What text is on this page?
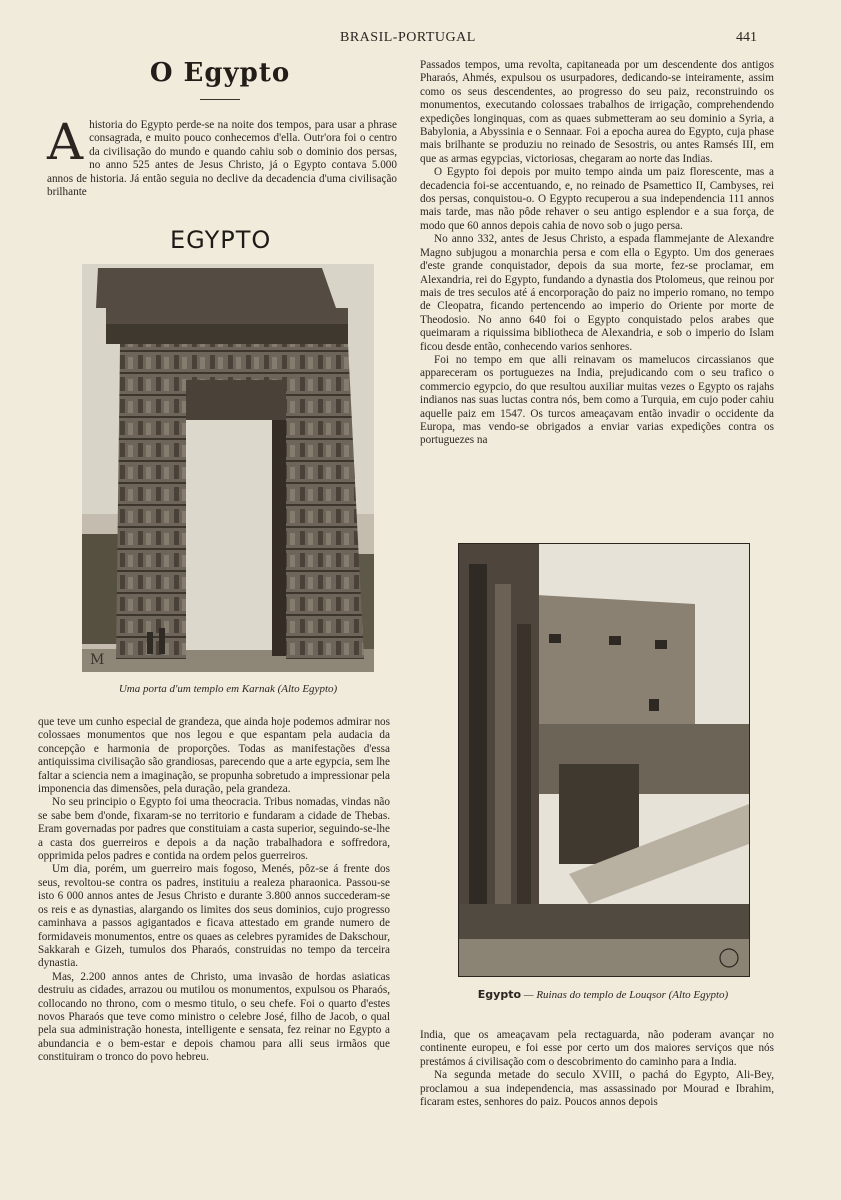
BRASIL-PORTUGAL	441
O Egypto
A historia do Egypto perde-se na noite dos tempos, para usar a phrase consagrada, e muito pouco conhecemos d'ella. Outr'ora foi o centro da civilisação do mundo e quando cahiu sob o dominio dos persas, no anno 525 antes de Jesus Christo, já o Egypto contava 5.000 annos de historia. Já então seguia no declive da decadencia d'uma civilisação brilhante

EGYPTO
M
Uma porta d'um templo em Karnak (Alto Egypto)

que teve um cunho especial de grandeza, que ainda hoje podemos admirar nos colossaes monumentos que nos legou e que espantam pela audacia da concepção e harmonia de proporções. Todas as manifestações d'essa antiquissima civilisação são grandiosas, parecendo que a arte egypcia, sem lhe faltar a sciencia nem a imaginação, se propunha sobretudo a impressionar pela imponencia das dimensões, pela duração, pela grandeza.

No seu principio o Egypto foi uma theocracia. Tribus nomadas, vindas não se sabe bem d'onde, fixaram-se no territorio e fundaram a cidade de Thebas. Eram governadas por padres que constituiam a casta superior, seguindo-se-lhe a casta dos guerreiros e depois a da nação trabalhadora e soffredora, opprimida pelos padres e contida na ordem pelos guerreiros.

Um dia, porém, um guerreiro mais fogoso, Menés, pôz-se á frente dos seus, revoltou-se contra os padres, instituiu a realeza pharaonica. Passou-se isto 6 000 annos antes de Jesus Christo e durante 3.800 annos succederam-se os reis e as dynastias, alargando os limites dos seus dominios, cujo progresso caminhava a passos agigantados e ficava attestado em grande numero de formidaveis monumentos, entre os quaes as celebres pyramides de Dakschour, Sakkarah e Gizeh, tumulos dos Pharaós, construidas no tempo da terceira dynastia.

Mas, 2.200 annos antes de Christo, uma invasão de hordas asiaticas destruiu as cidades, arrazou ou mutilou os monumentos, expulsou os Pharaós, collocando no throno, com o mesmo titulo, o seu chefe. Foi o quarto d'estes novos Pharaós que teve como ministro o celebre José, filho de Jacob, o qual pela sua administração honesta, intelligente e sensata, fez reinar no Egypto a abundancia e o bem-estar e depois chamou para alli seus irmãos que constituiram o tronco do povo hebreu.

Passados tempos, uma revolta, capitaneada por um descendente dos antigos Pharaós, Ahmés, expulsou os usurpadores, dedicando-se inteiramente, assim como os seus descendentes, ao progresso do seu paiz, reconstruindo os monumentos, executando colossaes trabalhos de irrigação, comprehendendo expedições longinquas, com as quaes submetteram ao seu dominio a Syria, a Babylonia, a Abyssinia e o Sennaar. Foi a epocha aurea do Egypto, cuja phase mais brilhante se produziu no reinado de Sesostris, ou antes Ramsés III, em que as armas egypcias, victoriosas, chegaram ao norte das Indias.

O Egypto foi depois por muito tempo ainda um paiz florescente, mas a decadencia foi-se accentuando, e, no reinado de Psamettico II, Cambyses, rei dos persas, conquistou-o. O Egypto recuperou a sua independencia 111 annos mais tarde, mas não pôde rehaver o seu antigo esplendor e a sua força, de modo que 60 annos depois cahia de novo sob o jugo persa.

No anno 332, antes de Jesus Christo, a espada flammejante de Alexandre Magno subjugou a monarchia persa e com ella o Egypto. Um dos generaes d'este grande conquistador, depois da sua morte, fez-se proclamar, em Alexandria, rei do Egypto, fundando a dynastia dos Ptolomeus, que reinou por mais de tres seculos até á encorporação do paiz no imperio romano, no tempo de Cleopatra, ficando pertencendo ao imperio do Oriente por morte de Theodosio. No anno 640 foi o Egypto conquistado pelos arabes que queimaram a riquissima bibliotheca de Alexandria, e sob o imperio do Islam ficou desde então, conhecendo varios senhores.

Foi no tempo em que alli reinavam os mamelucos circassianos que appareceram os portuguezes na India, prejudicando com o seu trafico o commercio egypcio, do que resultou auxiliar muitas vezes o Egypto os rajahs indianos nas suas luctas contra nós, bem como a Turquia, em cujo poder cahiu aquelle paiz em 1547. Os turcos ameaçavam então invadir o occidente da Europa, mas vendo-se obrigados a enviar varias expedições contra os portuguezes na

Egypto — Ruinas do templo de Louqsor (Alto Egypto)

India, que os ameaçavam pela rectaguarda, não poderam avançar no continente europeu, e foi esse por certo um dos maiores serviços que nós prestámos á civilisação com o descobrimento do caminho para a India.

Na segunda metade do seculo XVIII, o pachá do Egypto, Ali-Bey, proclamou a sua independencia, mas assassinado por Mourad e Ibrahim, ficaram estes, senhores do paiz. Poucos annos depois
